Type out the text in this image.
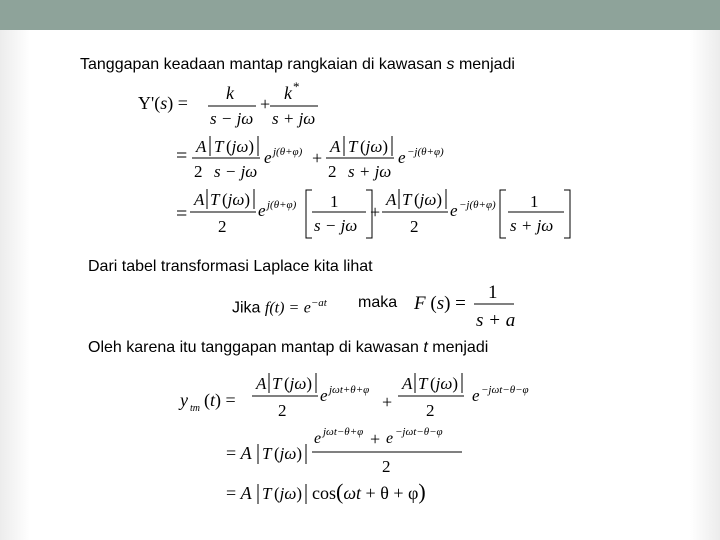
Tanggapan keadaan mantap rangkaian di kawasan s menjadi
Y'(s) = k
s − jω
+
k *
s + jω
= A T (jω)
2 s − jω
e j(θ+φ) +
A T (jω)
2 s + jω
e −j(θ+φ)
=
A T (jω)
2
e j(θ+φ) 1
s − jω
+
A T (jω)
2
e −j(θ+φ) 1
s + jω
Dari tabel transformasi Laplace kita lihat
Jika $f(t) = e^{-at}$ maka F (s) =
1
s + a
Oleh karena itu tanggapan mantap di kawasan t menjadi
y tm (t) =
A T (jω)
2
e jωt+θ+φ
+
A T (jω)
2
e −jωt−θ−φ
= A T (jω)
e jωt−θ+φ + e −jωt−θ−φ
2
= A T (jω) cos(ωt + θ + φ)
